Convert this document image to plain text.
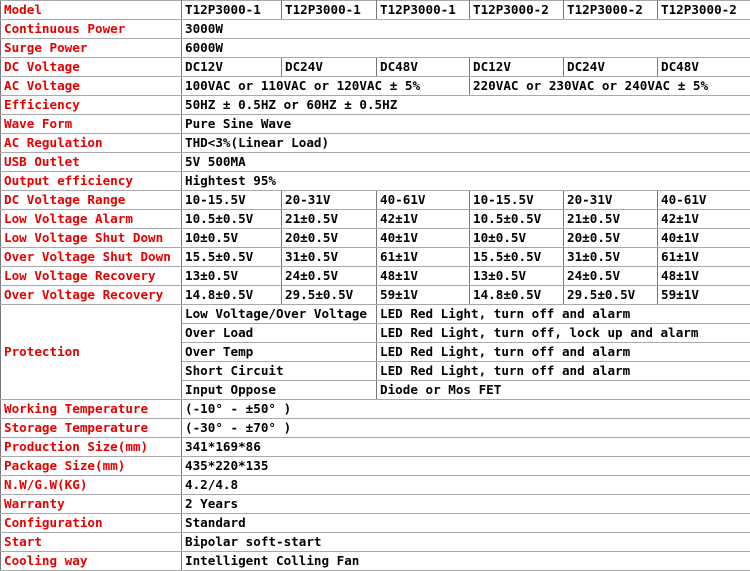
Model	T12P3000-1	T12P3000-1	T12P3000-1	T12P3000-2	T12P3000-2	T12P3000-2
Continuous Power	3000W					
Surge Power	6000W					
DC Voltage	DC12V	DC24V	DC48V	DC12V	DC24V	DC48V
AC Voltage	100VAC or 110VAC or 120VAC ± 5%			220VAC or 230VAC or 240VAC ± 5%		
Efficiency	50HZ ± 0.5HZ or 60HZ ± 0.5HZ					
Wave Form	Pure Sine Wave					
AC Regulation	THD<3%(Linear Load)					
USB Outlet	5V 500MA					
Output efficiency	Hightest 95%					
DC Voltage Range	10-15.5V	20-31V	40-61V	10-15.5V	20-31V	40-61V
Low Voltage Alarm	10.5±0.5V	21±0.5V	42±1V	10.5±0.5V	21±0.5V	42±1V
Low Voltage Shut Down	10±0.5V	20±0.5V	40±1V	10±0.5V	20±0.5V	40±1V
Over Voltage Shut Down	15.5±0.5V	31±0.5V	61±1V	15.5±0.5V	31±0.5V	61±1V
Low Voltage Recovery	13±0.5V	24±0.5V	48±1V	13±0.5V	24±0.5V	48±1V
Over Voltage Recovery	14.8±0.5V	29.5±0.5V	59±1V	14.8±0.5V	29.5±0.5V	59±1V
Protection	Low Voltage/Over Voltage		LED Red Light, turn off and alarm			
	Over Load		LED Red Light, turn off, lock up and alarm			
	Over Temp		LED Red Light, turn off and alarm			
	Short Circuit		LED Red Light, turn off and alarm			
	Input Oppose		Diode or Mos FET			
Working Temperature	(-10° - ±50° )					
Storage Temperature	(-30° - ±70° )					
Production Size(mm)	341*169*86					
Package Size(mm)	435*220*135					
N.W/G.W(KG)	4.2/4.8					
Warranty	2 Years					
Configuration	Standard					
Start	Bipolar soft-start					
Cooling way	Intelligent Colling Fan					
